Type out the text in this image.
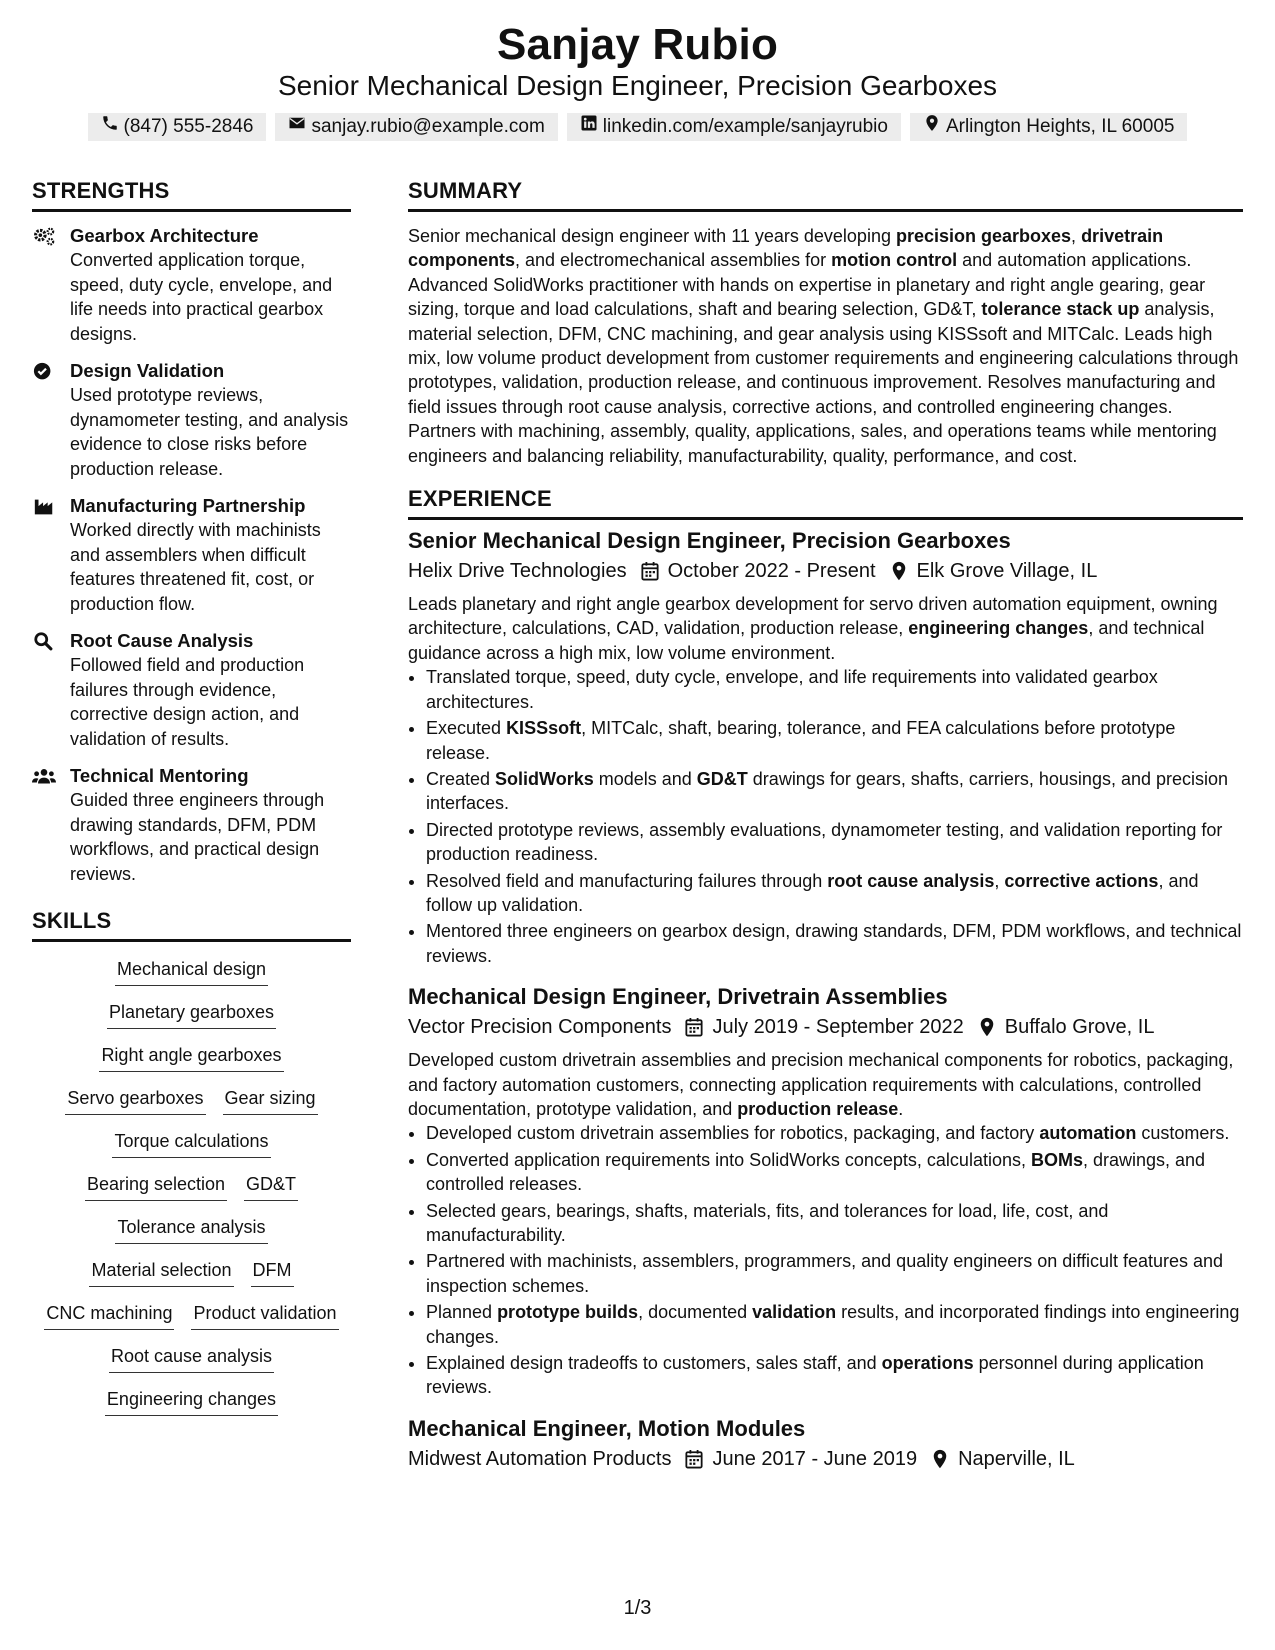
Sanjay Rubio
Senior Mechanical Design Engineer, Precision Gearboxes
(847) 555-2846	sanjay.rubio@example.com	linkedin.com/example/sanjayrubio	Arlington Heights, IL 60005
STRENGTHS
Gearbox Architecture
Converted application torque, speed, duty cycle, envelope, and life needs into practical gearbox designs.
Design Validation
Used prototype reviews, dynamometer testing, and analysis evidence to close risks before production release.
Manufacturing Partnership
Worked directly with machinists and assemblers when difficult features threatened fit, cost, or production flow.
Root Cause Analysis
Followed field and production failures through evidence, corrective design action, and validation of results.
Technical Mentoring
Guided three engineers through drawing standards, DFM, PDM workflows, and practical design reviews.
SKILLS
Mechanical design
Planetary gearboxes
Right angle gearboxes
Servo gearboxes Gear sizing
Torque calculations
Bearing selection GD&T
Tolerance analysis
Material selection DFM
CNC machining Product validation
Root cause analysis
Engineering changes
SUMMARY

Senior mechanical design engineer with 11 years developing precision gearboxes, drivetrain components, and electromechanical assemblies for motion control and automation applications. Advanced SolidWorks practitioner with hands on expertise in planetary and right angle gearing, gear sizing, torque and load calculations, shaft and bearing selection, GD&T, tolerance stack up analysis, material selection, DFM, CNC machining, and gear analysis using KISSsoft and MITCalc. Leads high mix, low volume product development from customer requirements and engineering calculations through prototypes, validation, production release, and continuous improvement. Resolves manufacturing and field issues through root cause analysis, corrective actions, and controlled engineering changes. Partners with machining, assembly, quality, applications, sales, and operations teams while mentoring engineers and balancing reliability, manufacturability, quality, performance, and cost.

EXPERIENCE
Senior Mechanical Design Engineer, Precision Gearboxes
Helix Drive Technologies October 2022 - Present Elk Grove Village, IL

Leads planetary and right angle gearbox development for servo driven automation equipment, owning architecture, calculations, CAD, validation, production release, engineering changes, and technical guidance across a high mix, low volume environment.

• Translated torque, speed, duty cycle, envelope, and life requirements into validated gearbox architectures.
• Executed KISSsoft, MITCalc, shaft, bearing, tolerance, and FEA calculations before prototype release.
• Created SolidWorks models and GD&T drawings for gears, shafts, carriers, housings, and precision interfaces.
• Directed prototype reviews, assembly evaluations, dynamometer testing, and validation reporting for production readiness.
• Resolved field and manufacturing failures through root cause analysis, corrective actions, and follow up validation.
• Mentored three engineers on gearbox design, drawing standards, DFM, PDM workflows, and technical reviews.
Mechanical Design Engineer, Drivetrain Assemblies
Vector Precision Components July 2019 - September 2022 Buffalo Grove, IL

Developed custom drivetrain assemblies and precision mechanical components for robotics, packaging, and factory automation customers, connecting application requirements with calculations, controlled documentation, prototype validation, and production release.

• Developed custom drivetrain assemblies for robotics, packaging, and factory automation customers.
• Converted application requirements into SolidWorks concepts, calculations, BOMs, drawings, and controlled releases.
• Selected gears, bearings, shafts, materials, fits, and tolerances for load, life, cost, and manufacturability.
• Partnered with machinists, assemblers, programmers, and quality engineers on difficult features and inspection schemes.
• Planned prototype builds, documented validation results, and incorporated findings into engineering changes.
• Explained design tradeoffs to customers, sales staff, and operations personnel during application reviews.
Mechanical Engineer, Motion Modules
Midwest Automation Products June 2017 - June 2019 Naperville, IL
1/3
